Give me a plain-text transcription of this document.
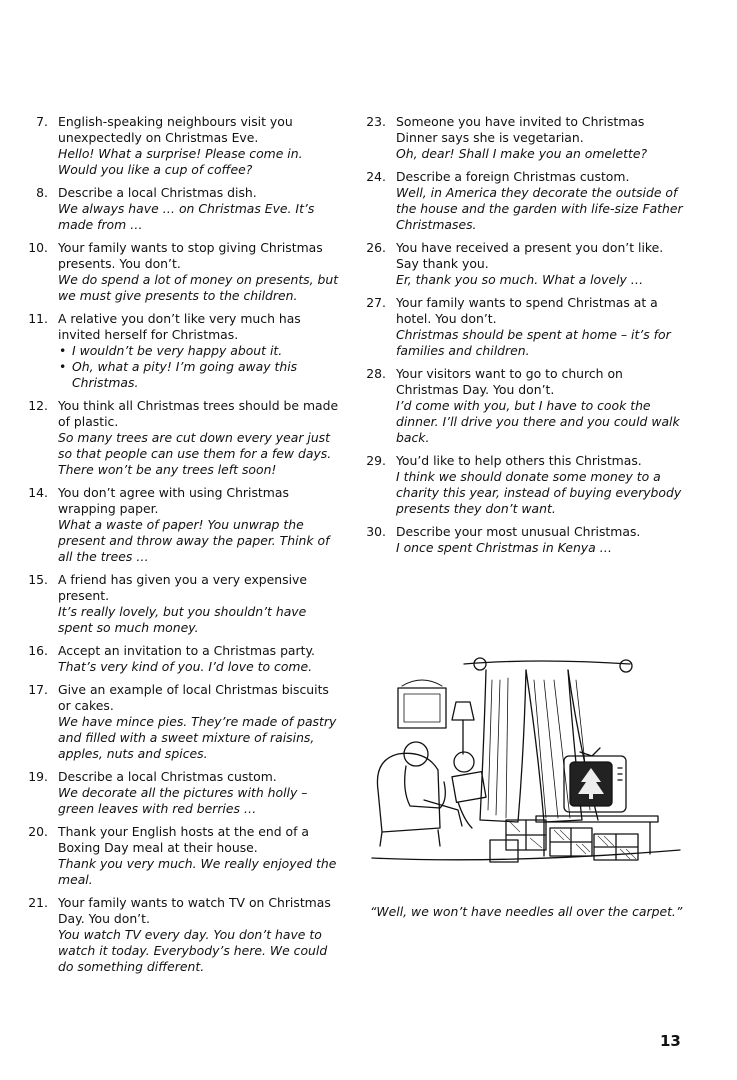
7. English-speaking neighbours visit you unexpectedly on Christmas Eve.
Hello! What a surprise! Please come in. Would you like a cup of coffee?
8. Describe a local Christmas dish.
We always have … on Christmas Eve. It’s made from …
10. Your family wants to stop giving Christmas presents. You don’t.
We do spend a lot of money on presents, but we must give presents to the children.
11. A relative you don’t like very much has invited herself for Christmas.
• I wouldn’t be very happy about it.
• Oh, what a pity! I’m going away this Christmas.
12. You think all Christmas trees should be made of plastic.
So many trees are cut down every year just so that people can use them for a few days. There won’t be any trees left soon!
14. You don’t agree with using Christmas wrapping paper.
What a waste of paper! You unwrap the present and throw away the paper. Think of all the trees …
15. A friend has given you a very expensive present.
It’s really lovely, but you shouldn’t have spent so much money.
16. Accept an invitation to a Christmas party.
That’s very kind of you. I’d love to come.
17. Give an example of local Christmas biscuits or cakes.
We have mince pies. They’re made of pastry and filled with a sweet mixture of raisins, apples, nuts and spices.
19. Describe a local Christmas custom.
We decorate all the pictures with holly – green leaves with red berries …
20. Thank your English hosts at the end of a Boxing Day meal at their house.
Thank you very much. We really enjoyed the meal.
21. Your family wants to watch TV on Christmas Day. You don’t.
You watch TV every day. You don’t have to watch it today. Everybody’s here. We could do something different.
23. Someone you have invited to Christmas Dinner says she is vegetarian.
Oh, dear! Shall I make you an omelette?
24. Describe a foreign Christmas custom.
Well, in America they decorate the outside of the house and the garden with life-size Father Christmases.
26. You have received a present you don’t like. Say thank you.
Er, thank you so much. What a lovely …
27. Your family wants to spend Christmas at a hotel. You don’t.
Christmas should be spent at home – it’s for families and children.
28. Your visitors want to go to church on Christmas Day. You don’t.
I’d come with you, but I have to cook the dinner. I’ll drive you there and you could walk back.
29. You’d like to help others this Christmas.
I think we should donate some money to a charity this year, instead of buying everybody presents they don’t want.
30. Describe your most unusual Christmas.
I once spent Christmas in Kenya …
“Well, we won’t have needles all over the carpet.”
13
